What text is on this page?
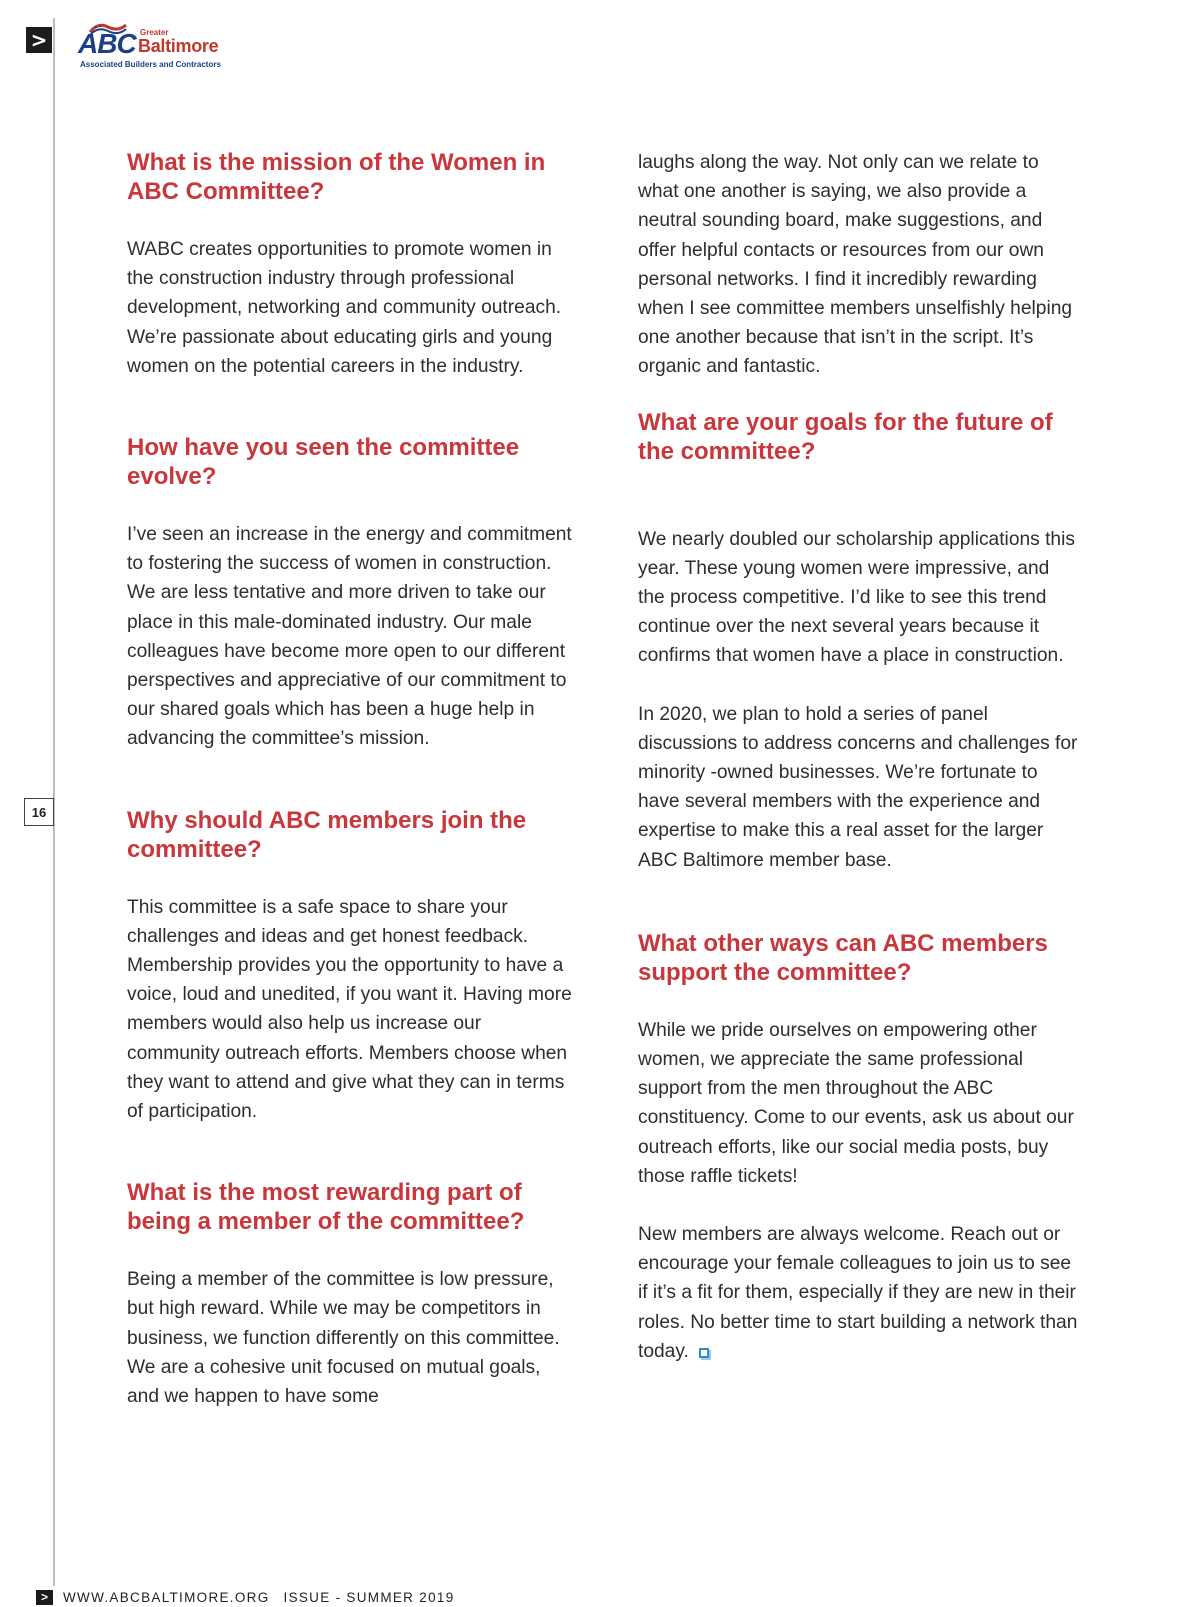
> ABC Greater
Baltimore
Associated Builders and Contractors
16
What is the mission of the Women in ABC Committee?

WABC creates opportunities to promote women in the construction industry through professional development, networking and community outreach. We’re passionate about educating girls and young women on the potential careers in the industry.

How have you seen the committee evolve?

I’ve seen an increase in the energy and commitment to fostering the success of women in construction. We are less tentative and more driven to take our place in this male-dominated industry. Our male colleagues have become more open to our different perspectives and appreciative of our commitment to our shared goals which has been a huge help in advancing the committee’s mission.

Why should ABC members join the committee?

This committee is a safe space to share your challenges and ideas and get honest feedback. Membership provides you the opportunity to have a voice, loud and unedited, if you want it. Having more members would also help us increase our community outreach efforts. Members choose when they want to attend and give what they can in terms of participation.

What is the most rewarding part of being a member of the committee?

Being a member of the committee is low pressure, but high reward. While we may be competitors in business, we function differently on this committee. We are a cohesive unit focused on mutual goals, and we happen to have some

laughs along the way. Not only can we relate to what one another is saying, we also provide a neutral sounding board, make suggestions, and offer helpful contacts or resources from our own personal networks. I find it incredibly rewarding when I see committee members unselfishly helping one another because that isn’t in the script. It’s organic and fantastic.

What are your goals for the future of the committee?

We nearly doubled our scholarship applications this year. These young women were impressive, and the process competitive. I’d like to see this trend continue over the next several years because it confirms that women have a place in construction.

In 2020, we plan to hold a series of panel discussions to address concerns and challenges for minority -owned businesses. We’re fortunate to have several members with the experience and expertise to make this a real asset for the larger ABC Baltimore member base.

What other ways can ABC members support the committee?

While we pride ourselves on empowering other women, we appreciate the same professional support from the men throughout the ABC constituency. Come to our events, ask us about our outreach efforts, like our social media posts, buy those raffle tickets!

New members are always welcome. Reach out or encourage your female colleagues to join us to see if it’s a fit for them, especially if they are new in their roles. No better time to start building a network than today.

>	WWW.ABCBALTIMORE.ORG ISSUE - SUMMER 2019
